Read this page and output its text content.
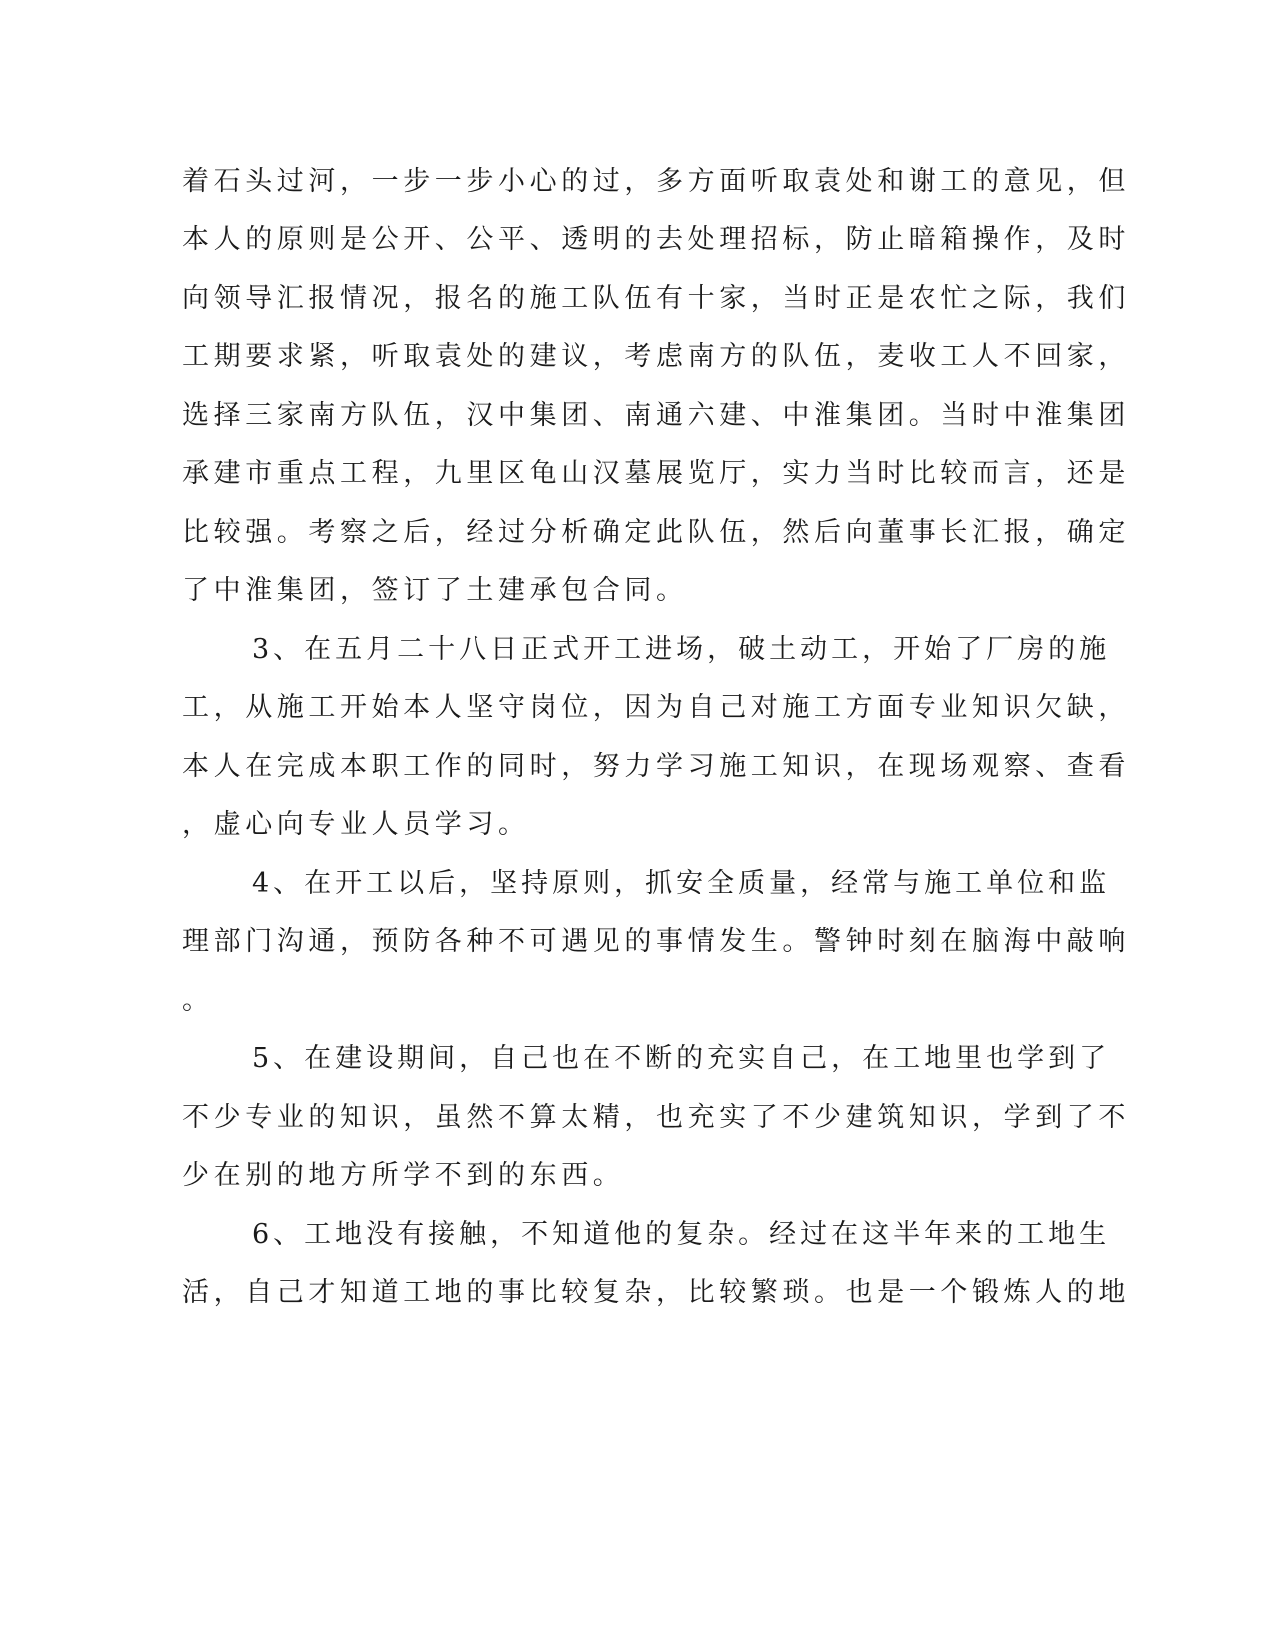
着石头过河，一步一步小心的过，多方面听取袁处和谢工的意见，但
本人的原则是公开、公平、透明的去处理招标，防止暗箱操作，及时
向领导汇报情况，报名的施工队伍有十家，当时正是农忙之际，我们
工期要求紧，听取袁处的建议，考虑南方的队伍，麦收工人不回家，
选择三家南方队伍，汉中集团、南通六建、中淮集团。当时中淮集团
承建市重点工程，九里区龟山汉墓展览厅，实力当时比较而言，还是
比较强。考察之后，经过分析确定此队伍，然后向董事长汇报，确定
了中淮集团，签订了土建承包合同。
3、在五月二十八日正式开工进场，破土动工，开始了厂房的施
工，从施工开始本人坚守岗位，因为自己对施工方面专业知识欠缺，
本人在完成本职工作的同时，努力学习施工知识，在现场观察、查看
，虚心向专业人员学习。
4、在开工以后，坚持原则，抓安全质量，经常与施工单位和监
理部门沟通，预防各种不可遇见的事情发生。警钟时刻在脑海中敲响
。
5、在建设期间，自己也在不断的充实自己，在工地里也学到了
不少专业的知识，虽然不算太精，也充实了不少建筑知识，学到了不
少在别的地方所学不到的东西。
6、工地没有接触，不知道他的复杂。经过在这半年来的工地生
活，自己才知道工地的事比较复杂，比较繁琐。也是一个锻炼人的地
